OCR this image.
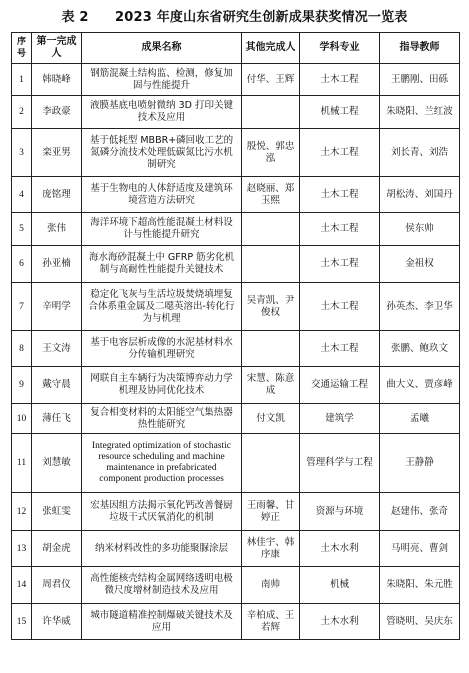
表 2　　2023 年度山东省研究生创新成果获奖情况一览表
序号	第一完成人	成果名称	其他完成人	学科专业	指导教师
1	韩晓峰	钢筋混凝土结构监、检测，修复加固与性能提升	付华、王辉	土木工程	王鹏刚、田砾
2	李政豪	液膜基底电喷射微纳 3D 打印关键技术及应用		机械工程	朱晓阳、兰红波
3	栾亚男	基于低耗型 MBBR+磷回收工艺的氮磷分流技术处理低碳氮比污水机制研究	殷悦、郭忠泓	土木工程	刘长青、刘浩
4	庞铭理	基于生物电的人体舒适度及建筑环境营造方法研究	赵晓丽、郑玉熙	土木工程	胡松涛、刘国丹
5	张伟	海洋环境下超高性能混凝土材料设计与性能提升研究		土木工程	侯东帅
6	孙亚楠	海水海砂混凝土中 GFRP 筋劣化机制与高耐性性能提升关键技术		土木工程	金祖权
7	辛明学	稳定化飞灰与生活垃圾焚烧填埋复合体系重金属及二噁英溶出-转化行为与机理	吴青凯、尹俊权	土木工程	孙英杰、李卫华
8	王文涛	基于电容层析成像的水泥基材料水分传输机理研究		土木工程	张鹏、鲍玖文
9	戴守晨	网联自主车辆行为决策博弈动力学机理及协同优化技术	宋慧、陈意成	交通运输工程	曲大义、贾彦峰
10	薄任飞	复合相变材料的太阳能空气集热器热性能研究	付文凯	建筑学	孟曦
11	刘慧敏	Integrated optimization of stochastic resource scheduling and machine maintenance in prefabricated component production processes		管理科学与工程	王静静
12	张虹雯	宏基因组方法揭示氧化钙改善餐厨垃圾干式厌氧消化的机制	王雨馨、甘婷正	资源与环境	赵建伟、张奇
13	胡金虎	纳米材料改性的多功能聚脲涂层	林佳宇、韩序康	土木水利	马明亮、曹剑
14	周君仪	高性能核壳结构金属网络透明电极微尺度增材制造技术及应用	南帅	机械	朱晓阳、朱元胜
15	许华威	城市隧道精准控制爆破关键技术及应用	辛柏成、王若辉	土木水利	管晓明、吴庆东
